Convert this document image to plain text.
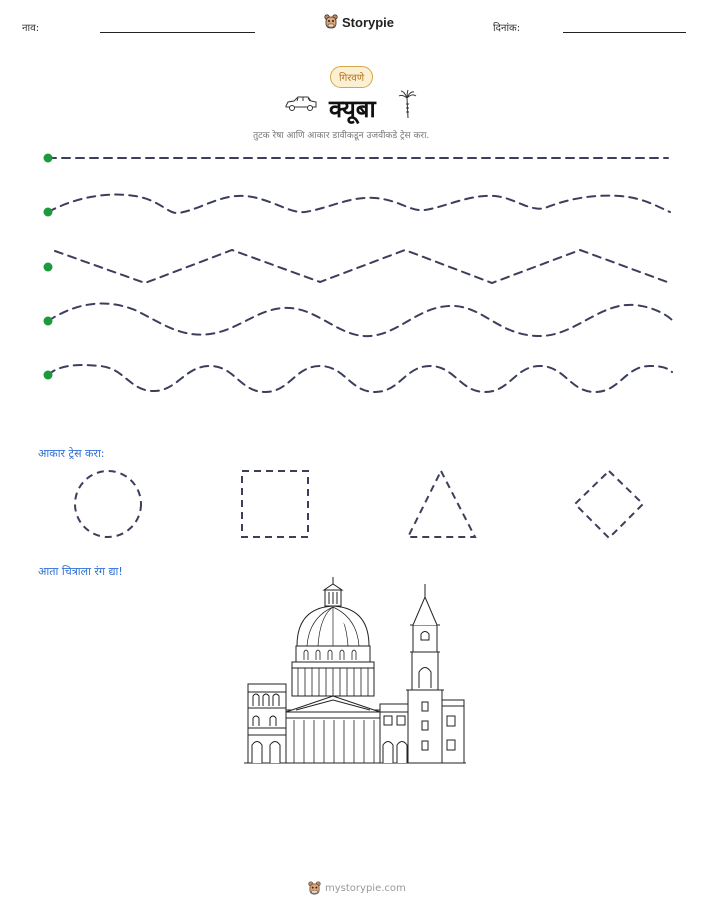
नाव:	Storypie	दिनांक:
गिरवणे
क्यूबा
तुटक रेषा आणि आकार डावीकडून उजवीकडे ट्रेस करा.
आकार ट्रेस करा:
आता चित्राला रंग द्या!
mystorypie.com
